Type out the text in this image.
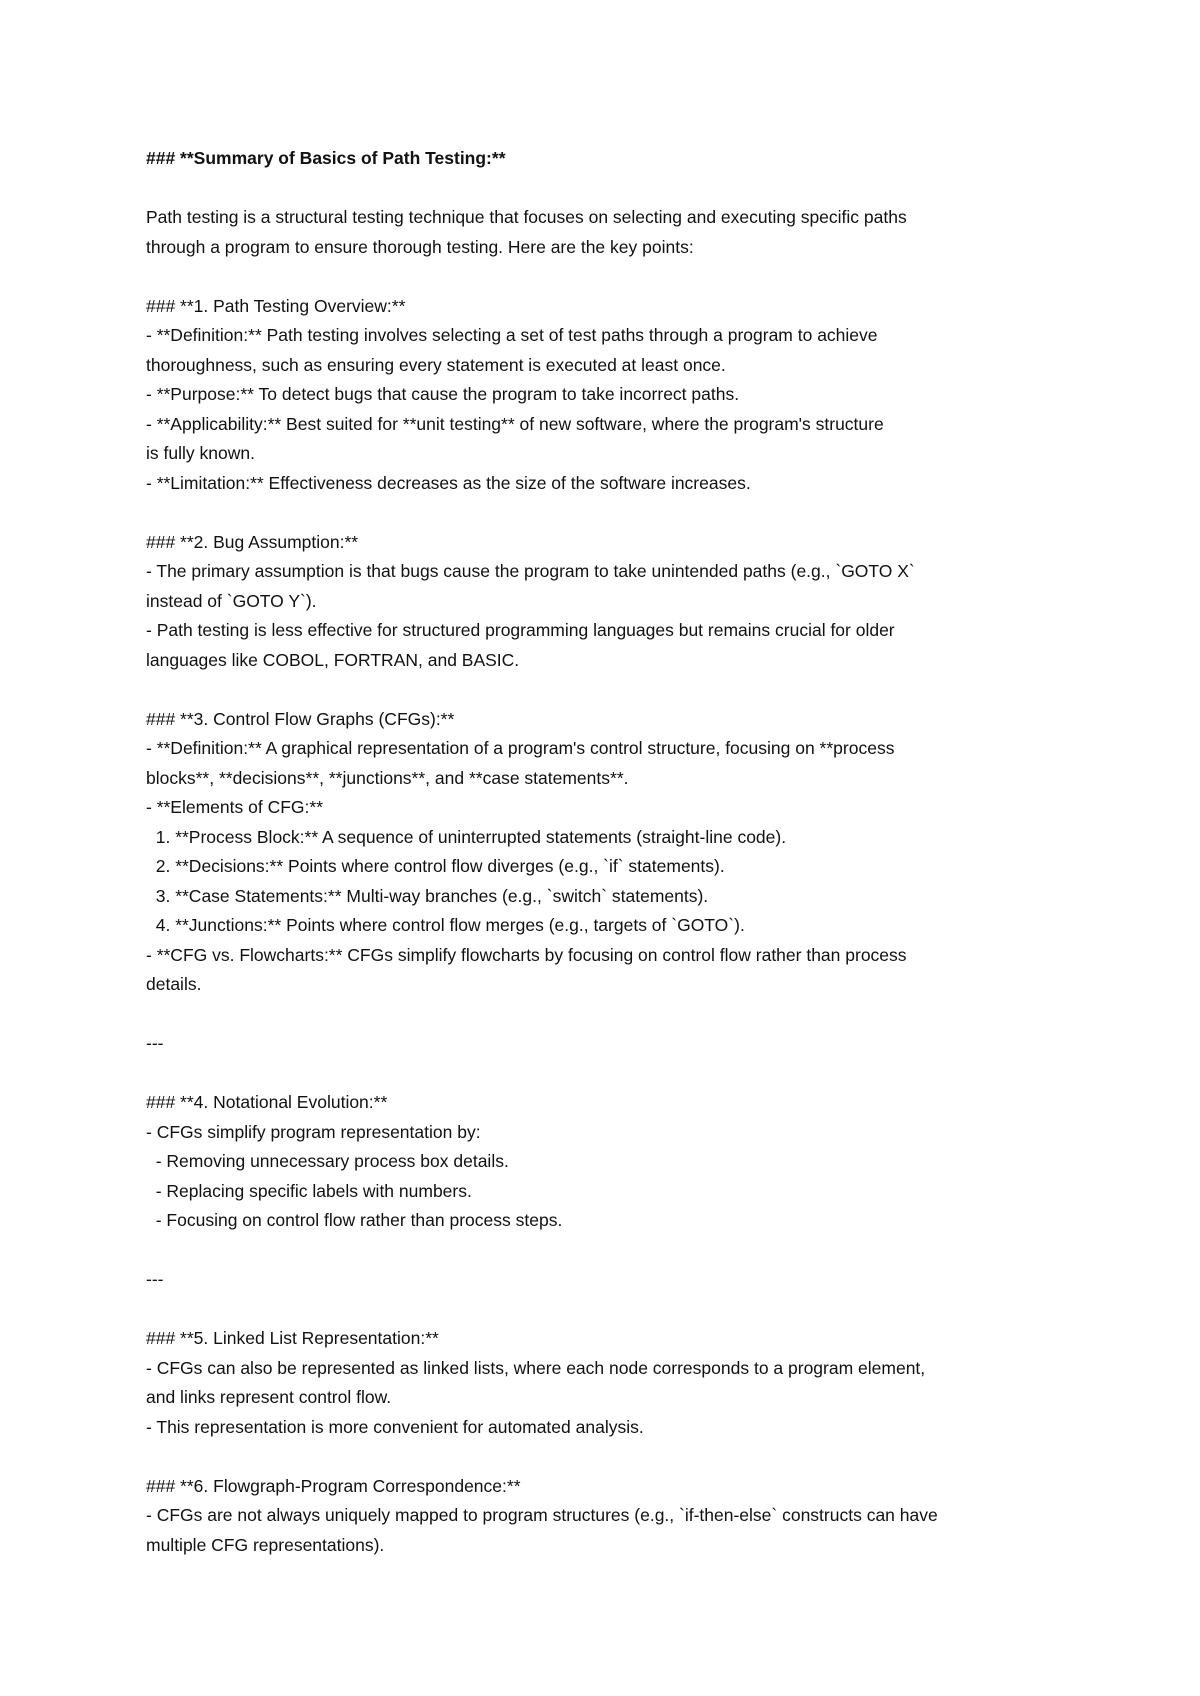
### **Summary of Basics of Path Testing:**
Path testing is a structural testing technique that focuses on selecting and executing specific paths
through a program to ensure thorough testing. Here are the key points:
### **1. Path Testing Overview:**
- **Definition:** Path testing involves selecting a set of test paths through a program to achieve
thoroughness, such as ensuring every statement is executed at least once.
- **Purpose:** To detect bugs that cause the program to take incorrect paths.
- **Applicability:** Best suited for **unit testing** of new software, where the program's structure
is fully known.
- **Limitation:** Effectiveness decreases as the size of the software increases.
### **2. Bug Assumption:**
- The primary assumption is that bugs cause the program to take unintended paths (e.g., `GOTO X`
instead of `GOTO Y`).
- Path testing is less effective for structured programming languages but remains crucial for older
languages like COBOL, FORTRAN, and BASIC.
### **3. Control Flow Graphs (CFGs):**
- **Definition:** A graphical representation of a program's control structure, focusing on **process
blocks**, **decisions**, **junctions**, and **case statements**.
- **Elements of CFG:**
1. **Process Block:** A sequence of uninterrupted statements (straight-line code).
2. **Decisions:** Points where control flow diverges (e.g., `if` statements).
3. **Case Statements:** Multi-way branches (e.g., `switch` statements).
4. **Junctions:** Points where control flow merges (e.g., targets of `GOTO`).
- **CFG vs. Flowcharts:** CFGs simplify flowcharts by focusing on control flow rather than process
details.
---
### **4. Notational Evolution:**
- CFGs simplify program representation by:
- Removing unnecessary process box details.
- Replacing specific labels with numbers.
- Focusing on control flow rather than process steps.
---
### **5. Linked List Representation:**
- CFGs can also be represented as linked lists, where each node corresponds to a program element,
and links represent control flow.
- This representation is more convenient for automated analysis.
### **6. Flowgraph-Program Correspondence:**
- CFGs are not always uniquely mapped to program structures (e.g., `if-then-else` constructs can have
multiple CFG representations).
